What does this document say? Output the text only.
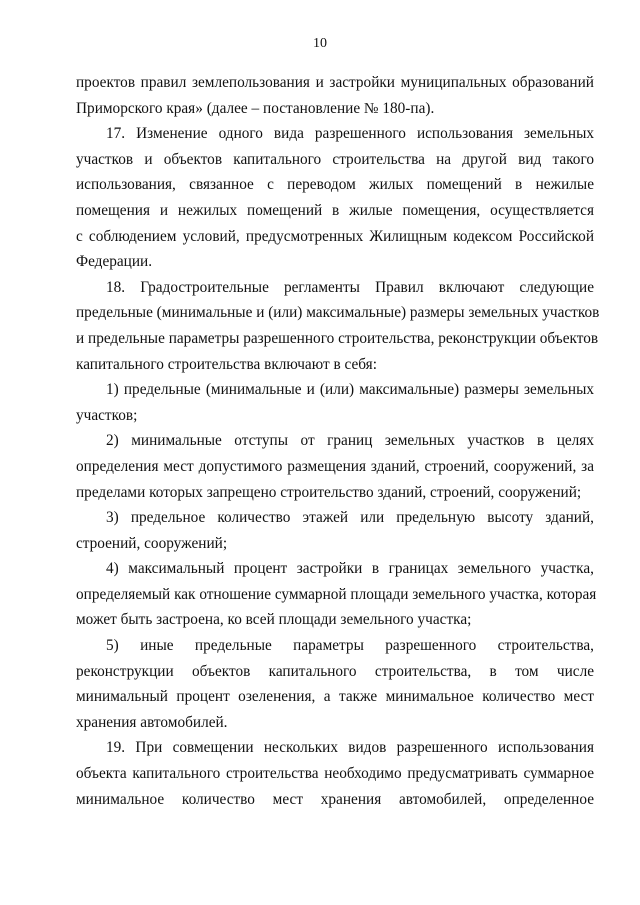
10

проектов правил землепользования и застройки муниципальных образований
Приморского края» (далее – постановление № 180-па).

17. Изменение одного вида разрешенного использования земельных
участков и объектов капитального строительства на другой вид такого
использования, связанное с переводом жилых помещений в нежилые
помещения и нежилых помещений в жилые помещения, осуществляется
с соблюдением условий, предусмотренных Жилищным кодексом Российской
Федерации.

18. Градостроительные регламенты Правил включают следующие
предельные (минимальные и (или) максимальные) размеры земельных участков
и предельные параметры разрешенного строительства, реконструкции объектов
капитального строительства включают в себя:

1) предельные (минимальные и (или) максимальные) размеры земельных
участков;

2) минимальные отступы от границ земельных участков в целях
определения мест допустимого размещения зданий, строений, сооружений, за
пределами которых запрещено строительство зданий, строений, сооружений;

3) предельное количество этажей или предельную высоту зданий,
строений, сооружений;

4) максимальный процент застройки в границах земельного участка,
определяемый как отношение суммарной площади земельного участка, которая
может быть застроена, ко всей площади земельного участка;

5) иные предельные параметры разрешенного строительства,
реконструкции объектов капитального строительства, в том числе
минимальный процент озеленения, а также минимальное количество мест
хранения автомобилей.

19. При совмещении нескольких видов разрешенного использования
объекта капитального строительства необходимо предусматривать суммарное
минимальное количество мест хранения автомобилей, определенное
